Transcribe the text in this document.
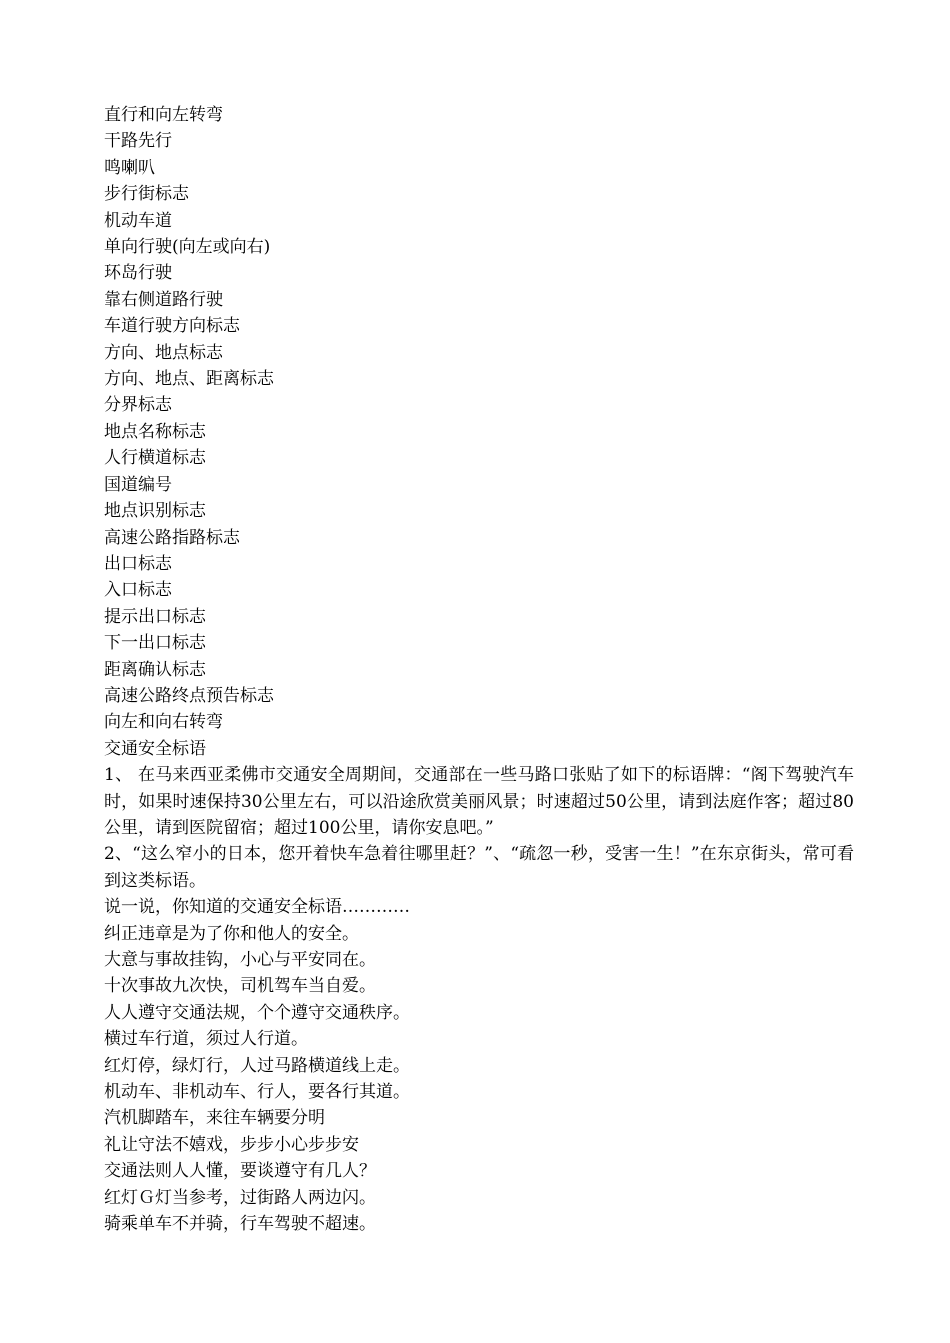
直行和向左转弯
干路先行
鸣喇叭
步行街标志
机动车道
单向行驶(向左或向右)
环岛行驶
靠右侧道路行驶
车道行驶方向标志
方向、地点标志
方向、地点、距离标志
分界标志
地点名称标志
人行横道标志
国道编号
地点识别标志
高速公路指路标志
出口标志
入口标志
提示出口标志
下一出口标志
距离确认标志
高速公路终点预告标志
向左和向右转弯
交通安全标语
1、 在马来西亚柔佛市交通安全周期间，交通部在一些马路口张贴了如下的标语牌：“阁下驾驶汽车时，如果时速保持30公里左右，可以沿途欣赏美丽风景；时速超过50公里，请到法庭作客；超过80公里，请到医院留宿；超过100公里，请你安息吧。”
2、“这么窄小的日本，您开着快车急着往哪里赶？”、“疏忽一秒，受害一生！”在东京街头，常可看到这类标语。
说一说，你知道的交通安全标语…………
纠正违章是为了你和他人的安全。
大意与事故挂钩，小心与平安同在。
十次事故九次快，司机驾车当自爱。
人人遵守交通法规，个个遵守交通秩序。
横过车行道，须过人行道。
红灯停，绿灯行，人过马路横道线上走。
机动车、非机动车、行人，要各行其道。
汽机脚踏车，来往车辆要分明
礼让守法不嬉戏，步步小心步步安
交通法则人人懂，要谈遵守有几人？
红灯Ｇ灯当参考，过街路人两边闪。
骑乘单车不并骑，行车驾驶不超速。
